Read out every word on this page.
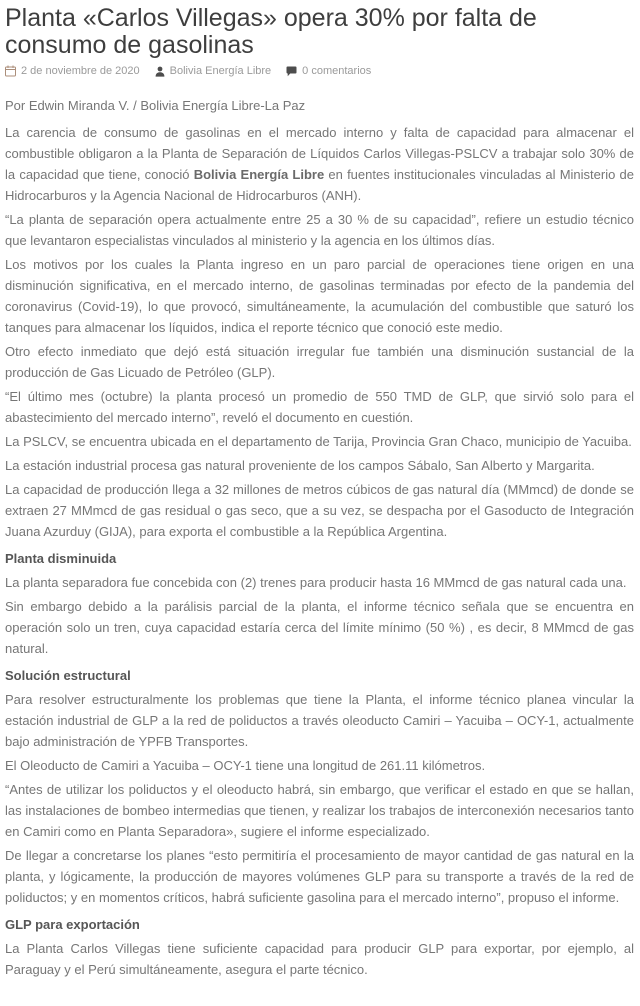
Planta «Carlos Villegas» opera 30% por falta de consumo de gasolinas
2 de noviembre de 2020	Bolivia Energía Libre	0 comentarios

Por Edwin Miranda V. / Bolivia Energía Libre-La Paz

La carencia de consumo de gasolinas en el mercado interno y falta de capacidad para almacenar el combustible obligaron a la Planta de Separación de Líquidos Carlos Villegas-PSLCV a trabajar solo 30% de la capacidad que tiene, conoció Bolivia Energía Libre en fuentes institucionales vinculadas al Ministerio de Hidrocarburos y la Agencia Nacional de Hidrocarburos (ANH).

“La planta de separación opera actualmente entre 25 a 30 % de su capacidad”, refiere un estudio técnico que levantaron especialistas vinculados al ministerio y la agencia en los últimos días.

Los motivos por los cuales la Planta ingreso en un paro parcial de operaciones tiene origen en una disminución significativa, en el mercado interno, de gasolinas terminadas por efecto de la pandemia del coronavirus (Covid-19), lo que provocó, simultáneamente, la acumulación del combustible que saturó los tanques para almacenar los líquidos, indica el reporte técnico que conoció este medio.

Otro efecto inmediato que dejó está situación irregular fue también una disminución sustancial de la producción de Gas Licuado de Petróleo (GLP).

“El último mes (octubre) la planta procesó un promedio de 550 TMD de GLP, que sirvió solo para el abastecimiento del mercado interno”, reveló el documento en cuestión.

La PSLCV, se encuentra ubicada en el departamento de Tarija, Provincia Gran Chaco, municipio de Yacuiba.

La estación industrial procesa gas natural proveniente de los campos Sábalo, San Alberto y Margarita.

La capacidad de producción llega a 32 millones de metros cúbicos de gas natural día (MMmcd) de donde se extraen 27 MMmcd de gas residual o gas seco, que a su vez, se despacha por el Gasoducto de Integración Juana Azurduy (GIJA), para exporta el combustible a la República Argentina.

Planta disminuida

La planta separadora fue concebida con (2) trenes para producir hasta 16 MMmcd de gas natural cada una.

Sin embargo debido a la parálisis parcial de la planta, el informe técnico señala que se encuentra en operación solo un tren, cuya capacidad estaría cerca del límite mínimo (50 %) , es decir, 8 MMmcd de gas natural.

Solución estructural

Para resolver estructuralmente los problemas que tiene la Planta, el informe técnico planea vincular la estación industrial de GLP a la red de poliductos a través oleoducto Camiri – Yacuiba – OCY-1, actualmente bajo administración de YPFB Transportes.

El Oleoducto de Camiri a Yacuiba – OCY-1 tiene una longitud de 261.11 kilómetros.

“Antes de utilizar los poliductos y el oleoducto habrá, sin embargo, que verificar el estado en que se hallan, las instalaciones de bombeo intermedias que tienen, y realizar los trabajos de interconexión necesarios tanto en Camiri como en Planta Separadora», sugiere el informe especializado.

De llegar a concretarse los planes “esto permitiría el procesamiento de mayor cantidad de gas natural en la planta, y lógicamente, la producción de mayores volúmenes GLP para su transporte a través de la red de poliductos; y en momentos críticos, habrá suficiente gasolina para el mercado interno”, propuso el informe.

GLP para exportación

La Planta Carlos Villegas tiene suficiente capacidad para producir GLP para exportar, por ejemplo, al Paraguay y el Perú simultáneamente, asegura el parte técnico.
